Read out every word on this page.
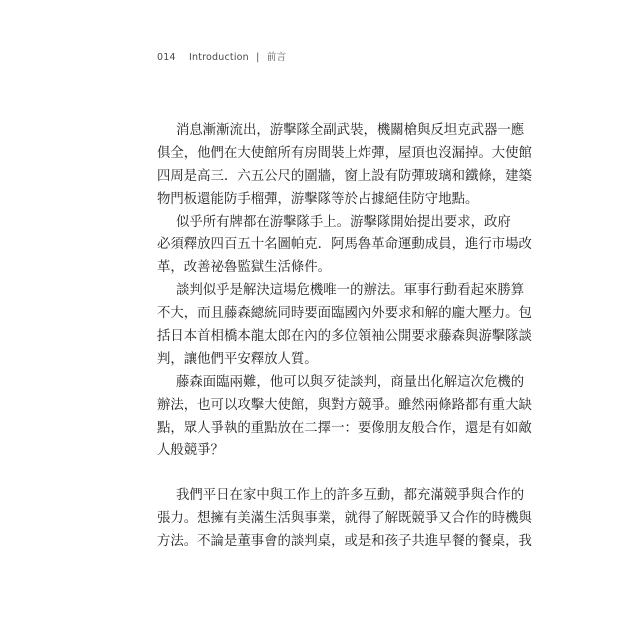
014 Introduction | 前言
消息漸漸流出，游擊隊全副武裝，機關槍與反坦克武器一應
俱全，他們在大使館所有房間裝上炸彈，屋頂也沒漏掉。大使館
四周是高三．六五公尺的圍牆，窗上設有防彈玻璃和鐵條，建築
物門板還能防手榴彈，游擊隊等於占據絕佳防守地點。
似乎所有牌都在游擊隊手上。游擊隊開始提出要求，政府
必須釋放四百五十名圖帕克．阿馬魯革命運動成員，進行市場改
革，改善祕魯監獄生活條件。
談判似乎是解決這場危機唯一的辦法。軍事行動看起來勝算
不大，而且藤森總統同時要面臨國內外要求和解的龐大壓力。包
括日本首相橋本龍太郎在內的多位領袖公開要求藤森與游擊隊談
判，讓他們平安釋放人質。
藤森面臨兩難，他可以與歹徒談判，商量出化解這次危機的
辦法，也可以攻擊大使館，與對方競爭。雖然兩條路都有重大缺
點，眾人爭執的重點放在二擇一：要像朋友般合作，還是有如敵
人般競爭？
我們平日在家中與工作上的許多互動，都充滿競爭與合作的
張力。想擁有美滿生活與事業，就得了解既競爭又合作的時機與
方法。不論是董事會的談判桌，或是和孩子共進早餐的餐桌，我
